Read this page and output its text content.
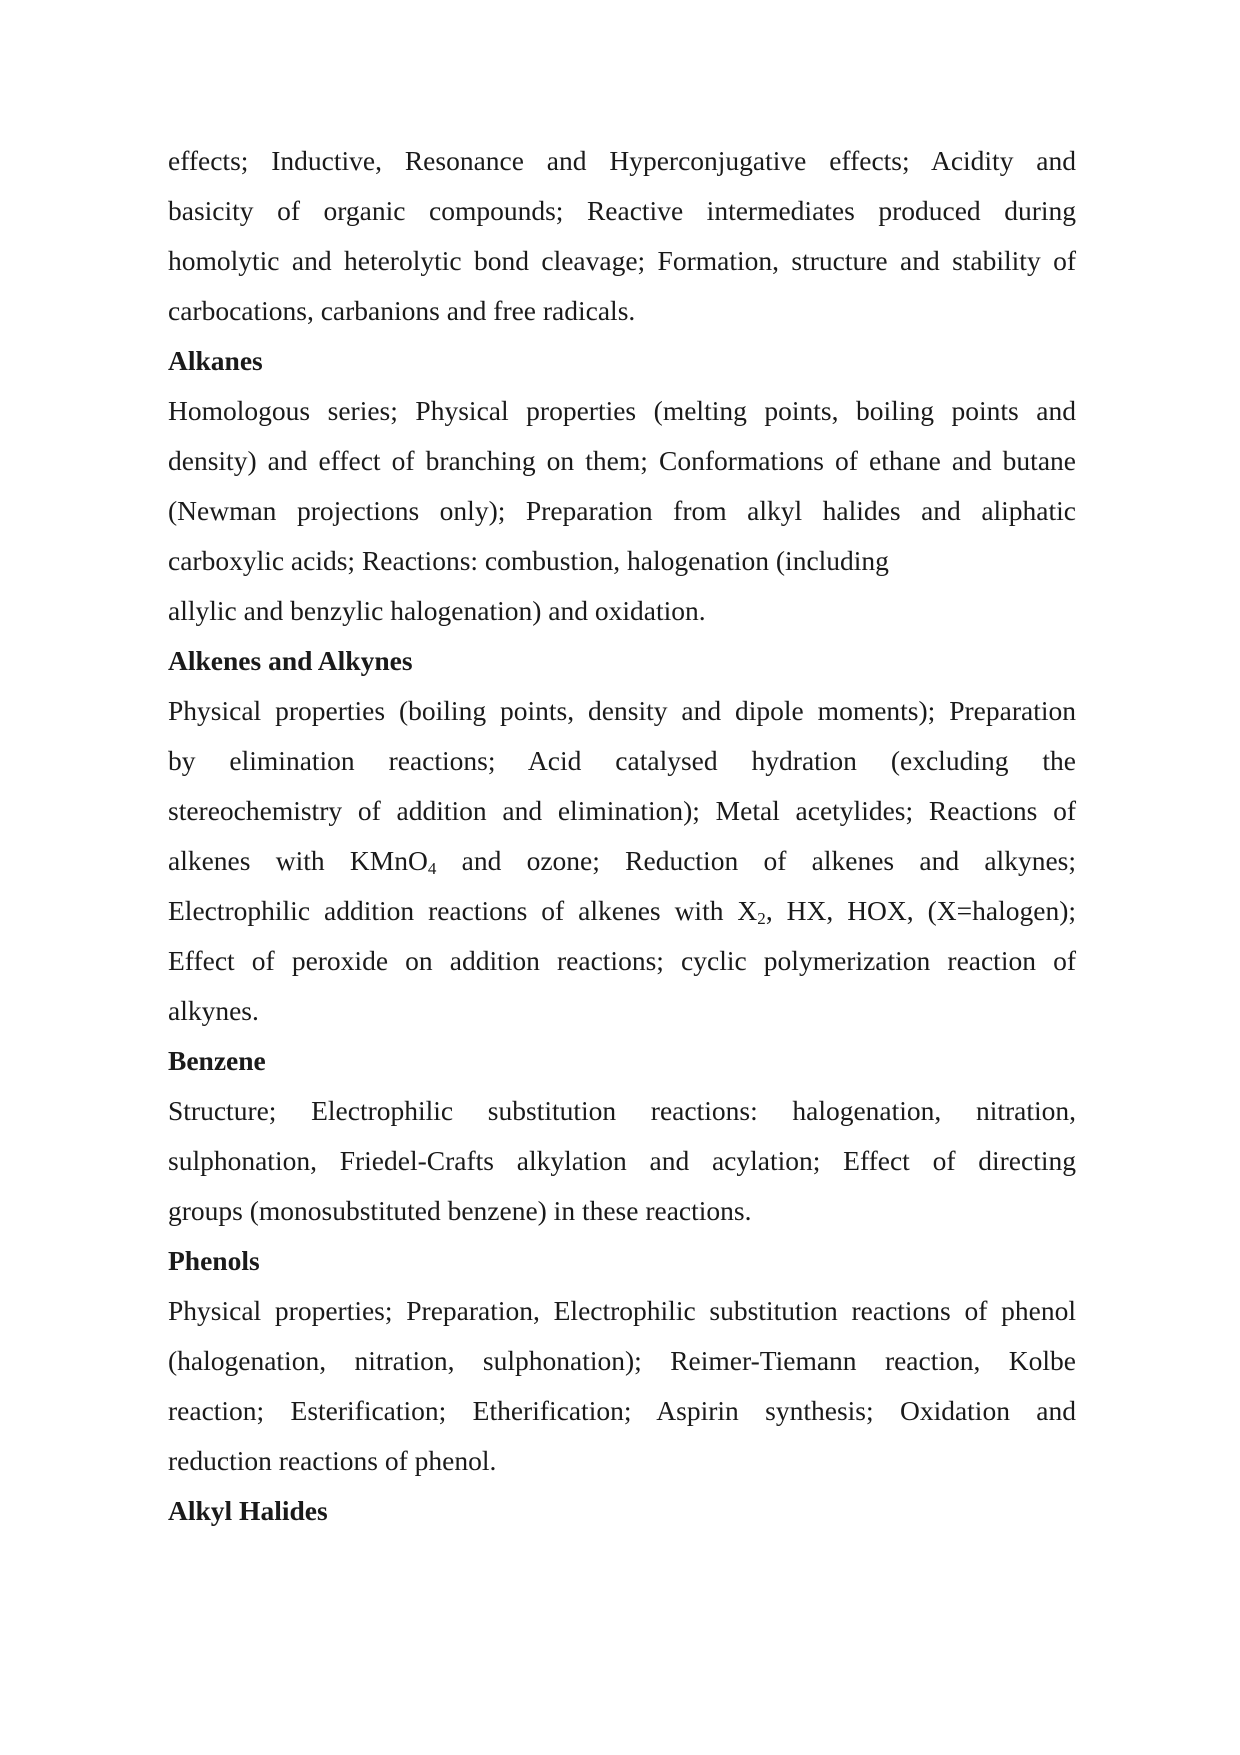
effects; Inductive, Resonance and Hyperconjugative effects; Acidity and
basicity of organic compounds; Reactive intermediates produced during
homolytic and heterolytic bond cleavage; Formation, structure and stability of
carbocations, carbanions and free radicals.
Alkanes
Homologous series; Physical properties (melting points, boiling points and
density) and effect of branching on them; Conformations of ethane and butane
(Newman projections only); Preparation from alkyl halides and aliphatic
carboxylic acids; Reactions: combustion, halogenation (including
allylic and benzylic halogenation) and oxidation.
Alkenes and Alkynes
Physical properties (boiling points, density and dipole moments); Preparation
by elimination reactions; Acid catalysed hydration (excluding the
stereochemistry of addition and elimination); Metal acetylides; Reactions of
alkenes with KMnO$_4$ and ozone; Reduction of alkenes and alkynes;
Electrophilic addition reactions of alkenes with $X_2$, HX, HOX, (X=halogen);
Effect of peroxide on addition reactions; cyclic polymerization reaction of
alkynes.
Benzene
Structure; Electrophilic substitution reactions: halogenation, nitration,
sulphonation, Friedel-Crafts alkylation and acylation; Effect of directing
groups (monosubstituted benzene) in these reactions.
Phenols
Physical properties; Preparation, Electrophilic substitution reactions of phenol
(halogenation, nitration, sulphonation); Reimer-Tiemann reaction, Kolbe
reaction; Esterification; Etherification; Aspirin synthesis; Oxidation and
reduction reactions of phenol.
Alkyl Halides
